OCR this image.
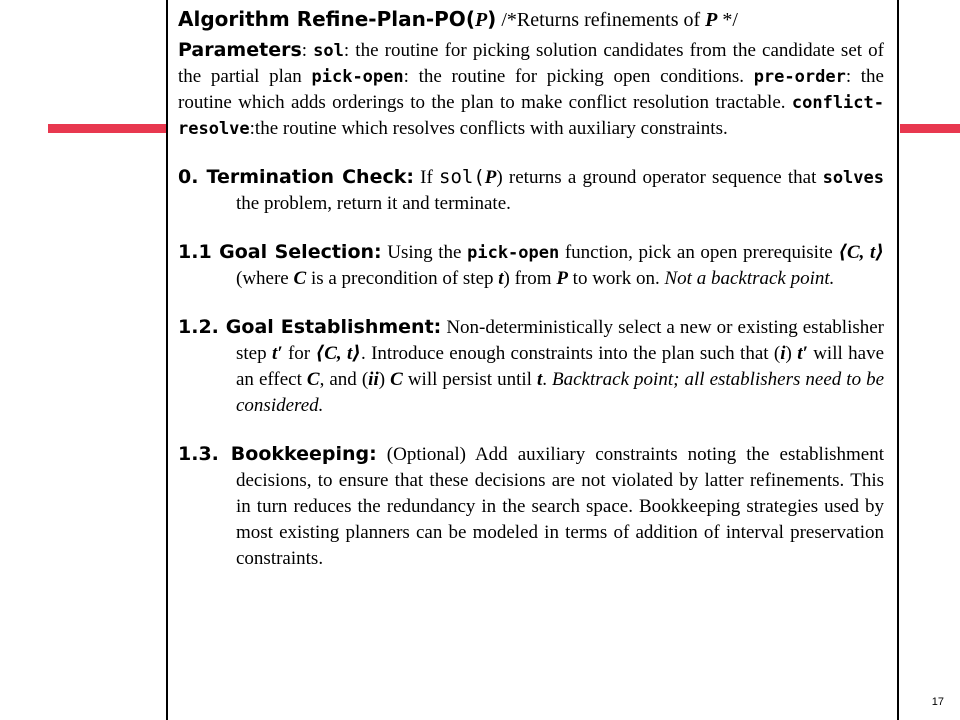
Algorithm Refine-Plan-PO(P) /*Returns refinements of P */
Parameters: sol: the routine for picking solution candidates from the candidate set of the partial plan pick-open: the routine for picking open conditions. pre-order: the routine which adds orderings to the plan to make conflict resolution tractable. conflict-resolve:the routine which resolves conflicts with auxiliary constraints.
0. Termination Check: If sol(P) returns a ground operator sequence that solves the problem, return it and terminate.
1.1 Goal Selection: Using the pick-open function, pick an open prerequisite ⟨C, t⟩ (where C is a precondition of step t) from P to work on. Not a backtrack point.
1.2. Goal Establishment: Non-deterministically select a new or existing establisher step t′ for ⟨C, t⟩. Introduce enough constraints into the plan such that (i) t′ will have an effect C, and (ii) C will persist until t. Backtrack point; all establishers need to be considered.
1.3. Bookkeeping: (Optional) Add auxiliary constraints noting the establishment decisions, to ensure that these decisions are not violated by latter refinements. This in turn reduces the redundancy in the search space. Bookkeeping strategies used by most existing planners can be modeled in terms of addition of interval preservation constraints.
17
